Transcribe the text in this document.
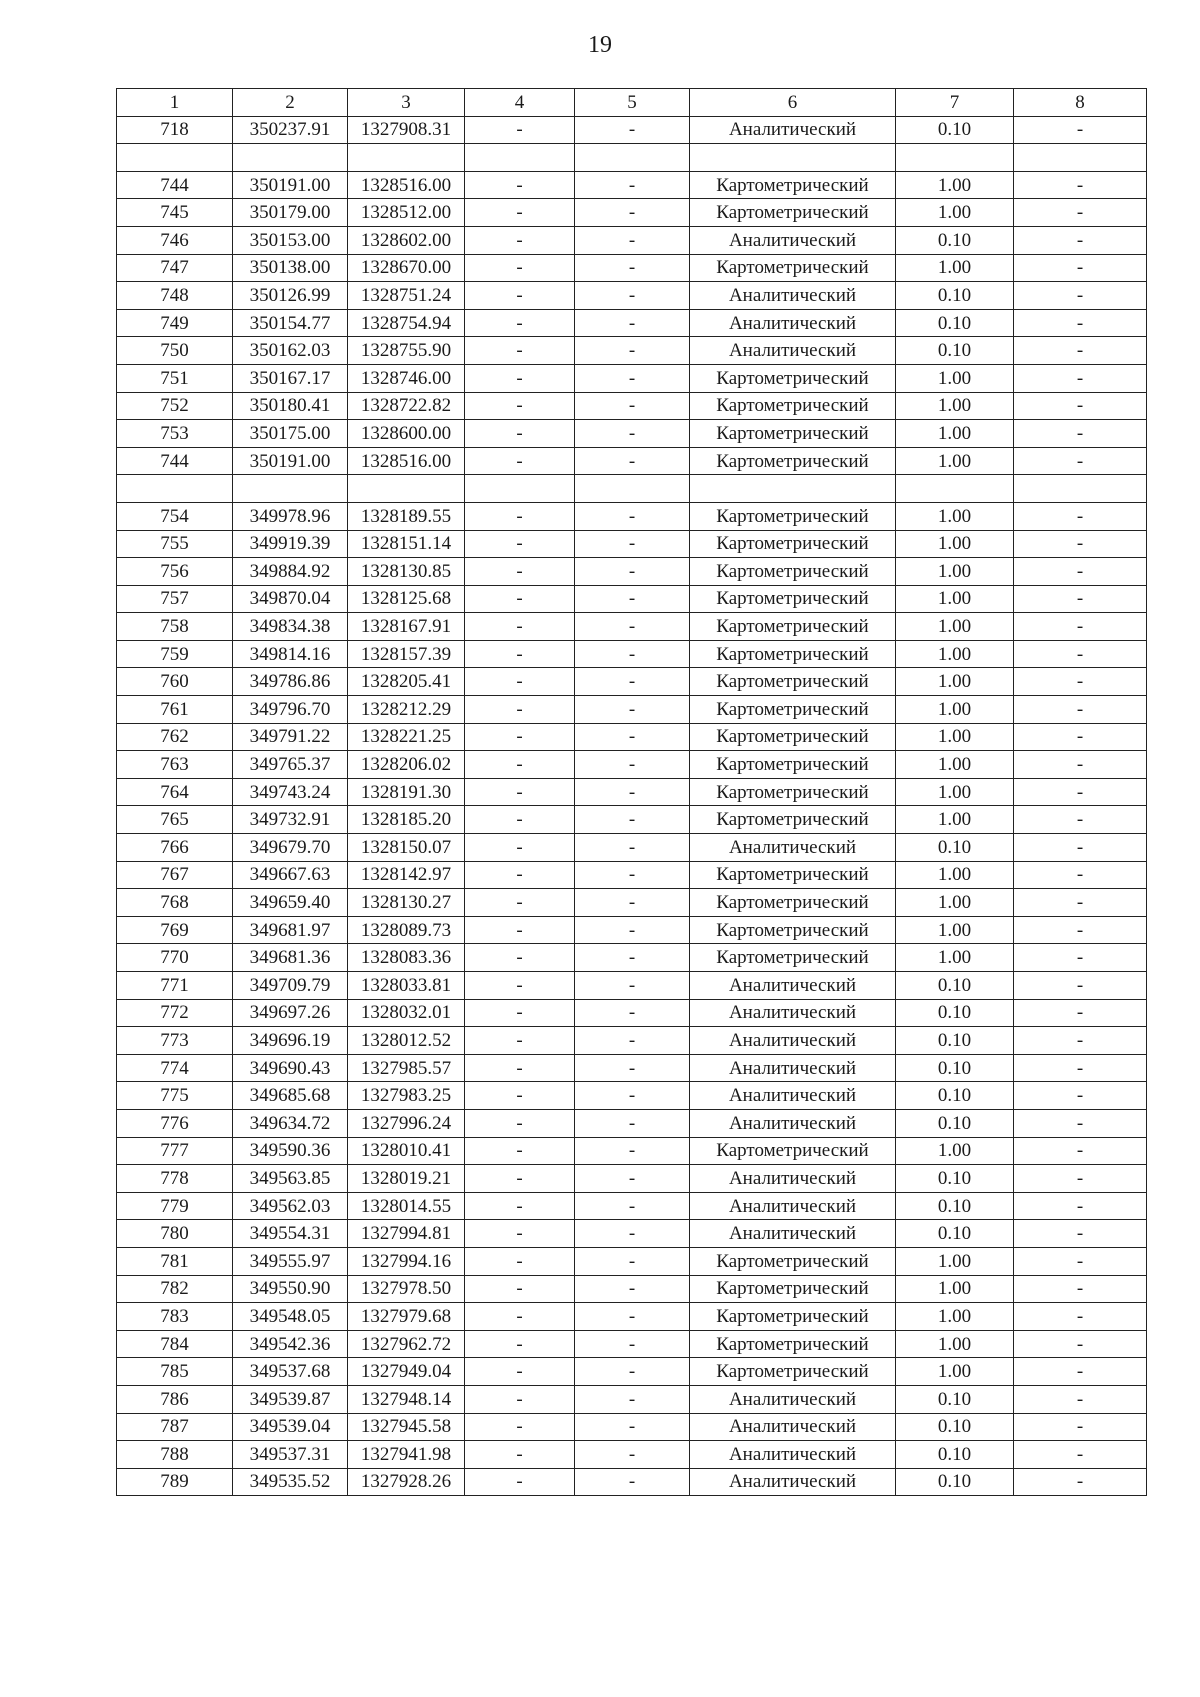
19
1	2	3	4	5	6	7	8
718	350237.91	1327908.31	-	-	Аналитический	0.10	-

744	350191.00	1328516.00	-	-	Картометрический	1.00	-
745	350179.00	1328512.00	-	-	Картометрический	1.00	-
746	350153.00	1328602.00	-	-	Аналитический	0.10	-
747	350138.00	1328670.00	-	-	Картометрический	1.00	-
748	350126.99	1328751.24	-	-	Аналитический	0.10	-
749	350154.77	1328754.94	-	-	Аналитический	0.10	-
750	350162.03	1328755.90	-	-	Аналитический	0.10	-
751	350167.17	1328746.00	-	-	Картометрический	1.00	-
752	350180.41	1328722.82	-	-	Картометрический	1.00	-
753	350175.00	1328600.00	-	-	Картометрический	1.00	-
744	350191.00	1328516.00	-	-	Картометрический	1.00	-

754	349978.96	1328189.55	-	-	Картометрический	1.00	-
755	349919.39	1328151.14	-	-	Картометрический	1.00	-
756	349884.92	1328130.85	-	-	Картометрический	1.00	-
757	349870.04	1328125.68	-	-	Картометрический	1.00	-
758	349834.38	1328167.91	-	-	Картометрический	1.00	-
759	349814.16	1328157.39	-	-	Картометрический	1.00	-
760	349786.86	1328205.41	-	-	Картометрический	1.00	-
761	349796.70	1328212.29	-	-	Картометрический	1.00	-
762	349791.22	1328221.25	-	-	Картометрический	1.00	-
763	349765.37	1328206.02	-	-	Картометрический	1.00	-
764	349743.24	1328191.30	-	-	Картометрический	1.00	-
765	349732.91	1328185.20	-	-	Картометрический	1.00	-
766	349679.70	1328150.07	-	-	Аналитический	0.10	-
767	349667.63	1328142.97	-	-	Картометрический	1.00	-
768	349659.40	1328130.27	-	-	Картометрический	1.00	-
769	349681.97	1328089.73	-	-	Картометрический	1.00	-
770	349681.36	1328083.36	-	-	Картометрический	1.00	-
771	349709.79	1328033.81	-	-	Аналитический	0.10	-
772	349697.26	1328032.01	-	-	Аналитический	0.10	-
773	349696.19	1328012.52	-	-	Аналитический	0.10	-
774	349690.43	1327985.57	-	-	Аналитический	0.10	-
775	349685.68	1327983.25	-	-	Аналитический	0.10	-
776	349634.72	1327996.24	-	-	Аналитический	0.10	-
777	349590.36	1328010.41	-	-	Картометрический	1.00	-
778	349563.85	1328019.21	-	-	Аналитический	0.10	-
779	349562.03	1328014.55	-	-	Аналитический	0.10	-
780	349554.31	1327994.81	-	-	Аналитический	0.10	-
781	349555.97	1327994.16	-	-	Картометрический	1.00	-
782	349550.90	1327978.50	-	-	Картометрический	1.00	-
783	349548.05	1327979.68	-	-	Картометрический	1.00	-
784	349542.36	1327962.72	-	-	Картометрический	1.00	-
785	349537.68	1327949.04	-	-	Картометрический	1.00	-
786	349539.87	1327948.14	-	-	Аналитический	0.10	-
787	349539.04	1327945.58	-	-	Аналитический	0.10	-
788	349537.31	1327941.98	-	-	Аналитический	0.10	-
789	349535.52	1327928.26	-	-	Аналитический	0.10	-
